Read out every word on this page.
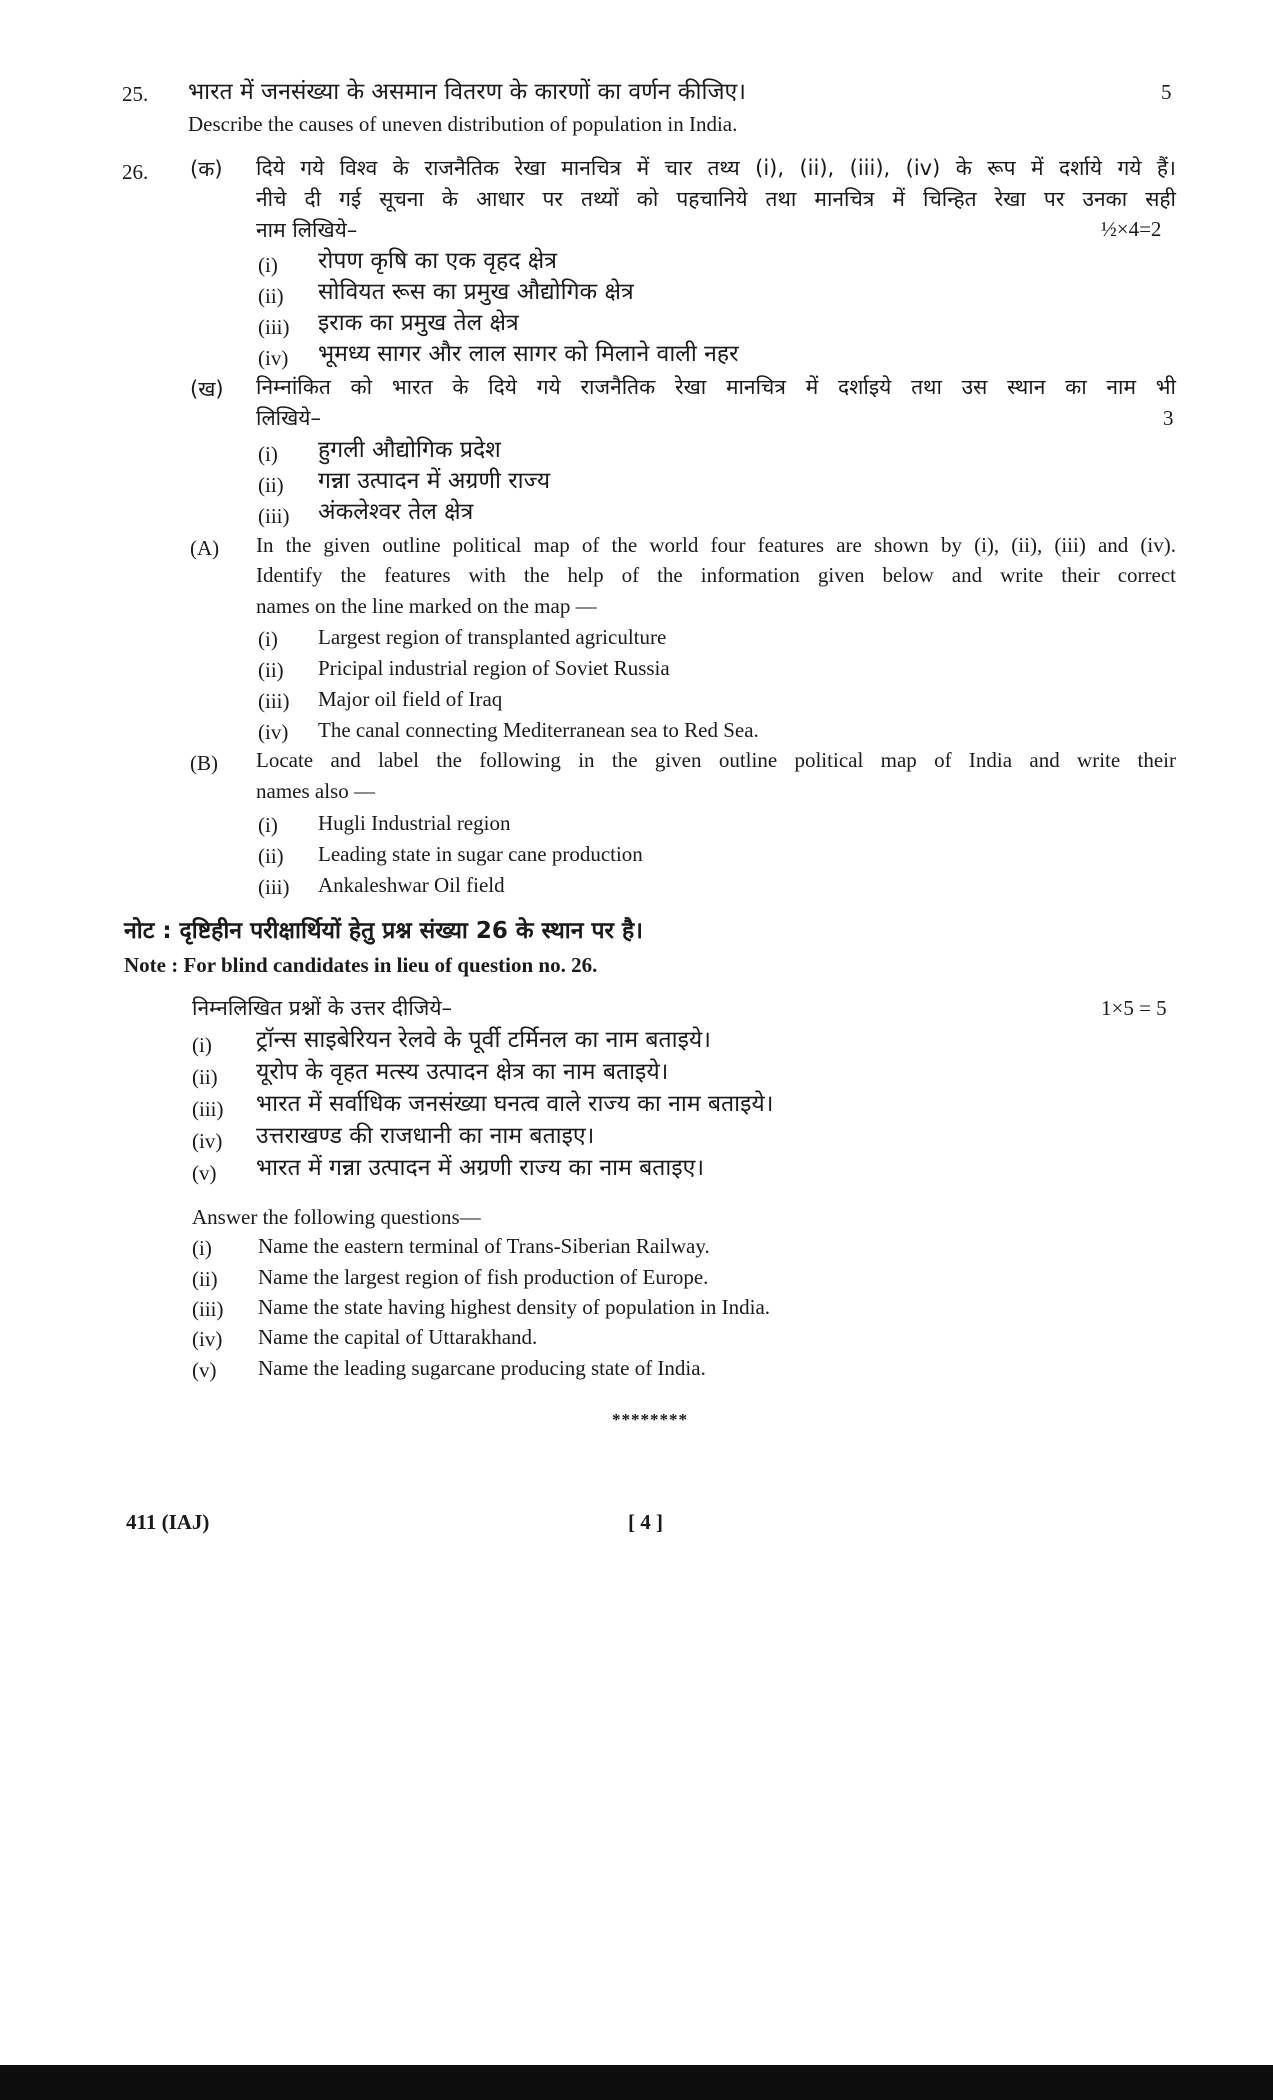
25. भारत में जनसंख्या के असमान वितरण के कारणों का वर्णन कीजिए।	5
Describe the causes of uneven distribution of population in India.
26. (क) दिये गये विश्व के राजनैतिक रेखा मानचित्र में चार तथ्य (i), (ii), (iii), (iv) के रूप में दर्शाये गये हैं।
नीचे दी गई सूचना के आधार पर तथ्यों को पहचानिये तथा मानचित्र में चिन्हित रेखा पर उनका सही
नाम लिखिये–	½×4=2
(i) रोपण कृषि का एक वृहद क्षेत्र
(ii) सोवियत रूस का प्रमुख औद्योगिक क्षेत्र
(iii) इराक का प्रमुख तेल क्षेत्र
(iv) भूमध्य सागर और लाल सागर को मिलाने वाली नहर
(ख) निम्नांकित को भारत के दिये गये राजनैतिक रेखा मानचित्र में दर्शाइये तथा उस स्थान का नाम भी
लिखिये–	3
(i) हुगली औद्योगिक प्रदेश
(ii) गन्ना उत्पादन में अग्रणी राज्य
(iii) अंकलेश्वर तेल क्षेत्र
(A) In the given outline political map of the world four features are shown by (i), (ii), (iii) and (iv).
Identify the features with the help of the information given below and write their correct
names on the line marked on the map —
(i) Largest region of transplanted agriculture
(ii) Pricipal industrial region of Soviet Russia
(iii) Major oil field of Iraq
(iv) The canal connecting Mediterranean sea to Red Sea.
(B) Locate and label the following in the given outline political map of India and write their
names also —
(i) Hugli Industrial region
(ii) Leading state in sugar cane production
(iii) Ankaleshwar Oil field
नोट : दृष्टिहीन परीक्षार्थियों हेतु प्रश्न संख्या 26 के स्थान पर है।
Note : For blind candidates in lieu of question no. 26.
निम्नलिखित प्रश्नों के उत्तर दीजिये–	1×5 = 5
(i) ट्रॉन्स साइबेरियन रेलवे के पूर्वी टर्मिनल का नाम बताइये।
(ii) यूरोप के वृहत मत्स्य उत्पादन क्षेत्र का नाम बताइये।
(iii) भारत में सर्वाधिक जनसंख्या घनत्व वाले राज्य का नाम बताइये।
(iv) उत्तराखण्ड की राजधानी का नाम बताइए।
(v) भारत में गन्ना उत्पादन में अग्रणी राज्य का नाम बताइए।
Answer the following questions—
(i) Name the eastern terminal of Trans-Siberian Railway.
(ii) Name the largest region of fish production of Europe.
(iii) Name the state having highest density of population in India.
(iv) Name the capital of Uttarakhand.
(v) Name the leading sugarcane producing state of India.
********
411 (IAJ)	[ 4 ]
